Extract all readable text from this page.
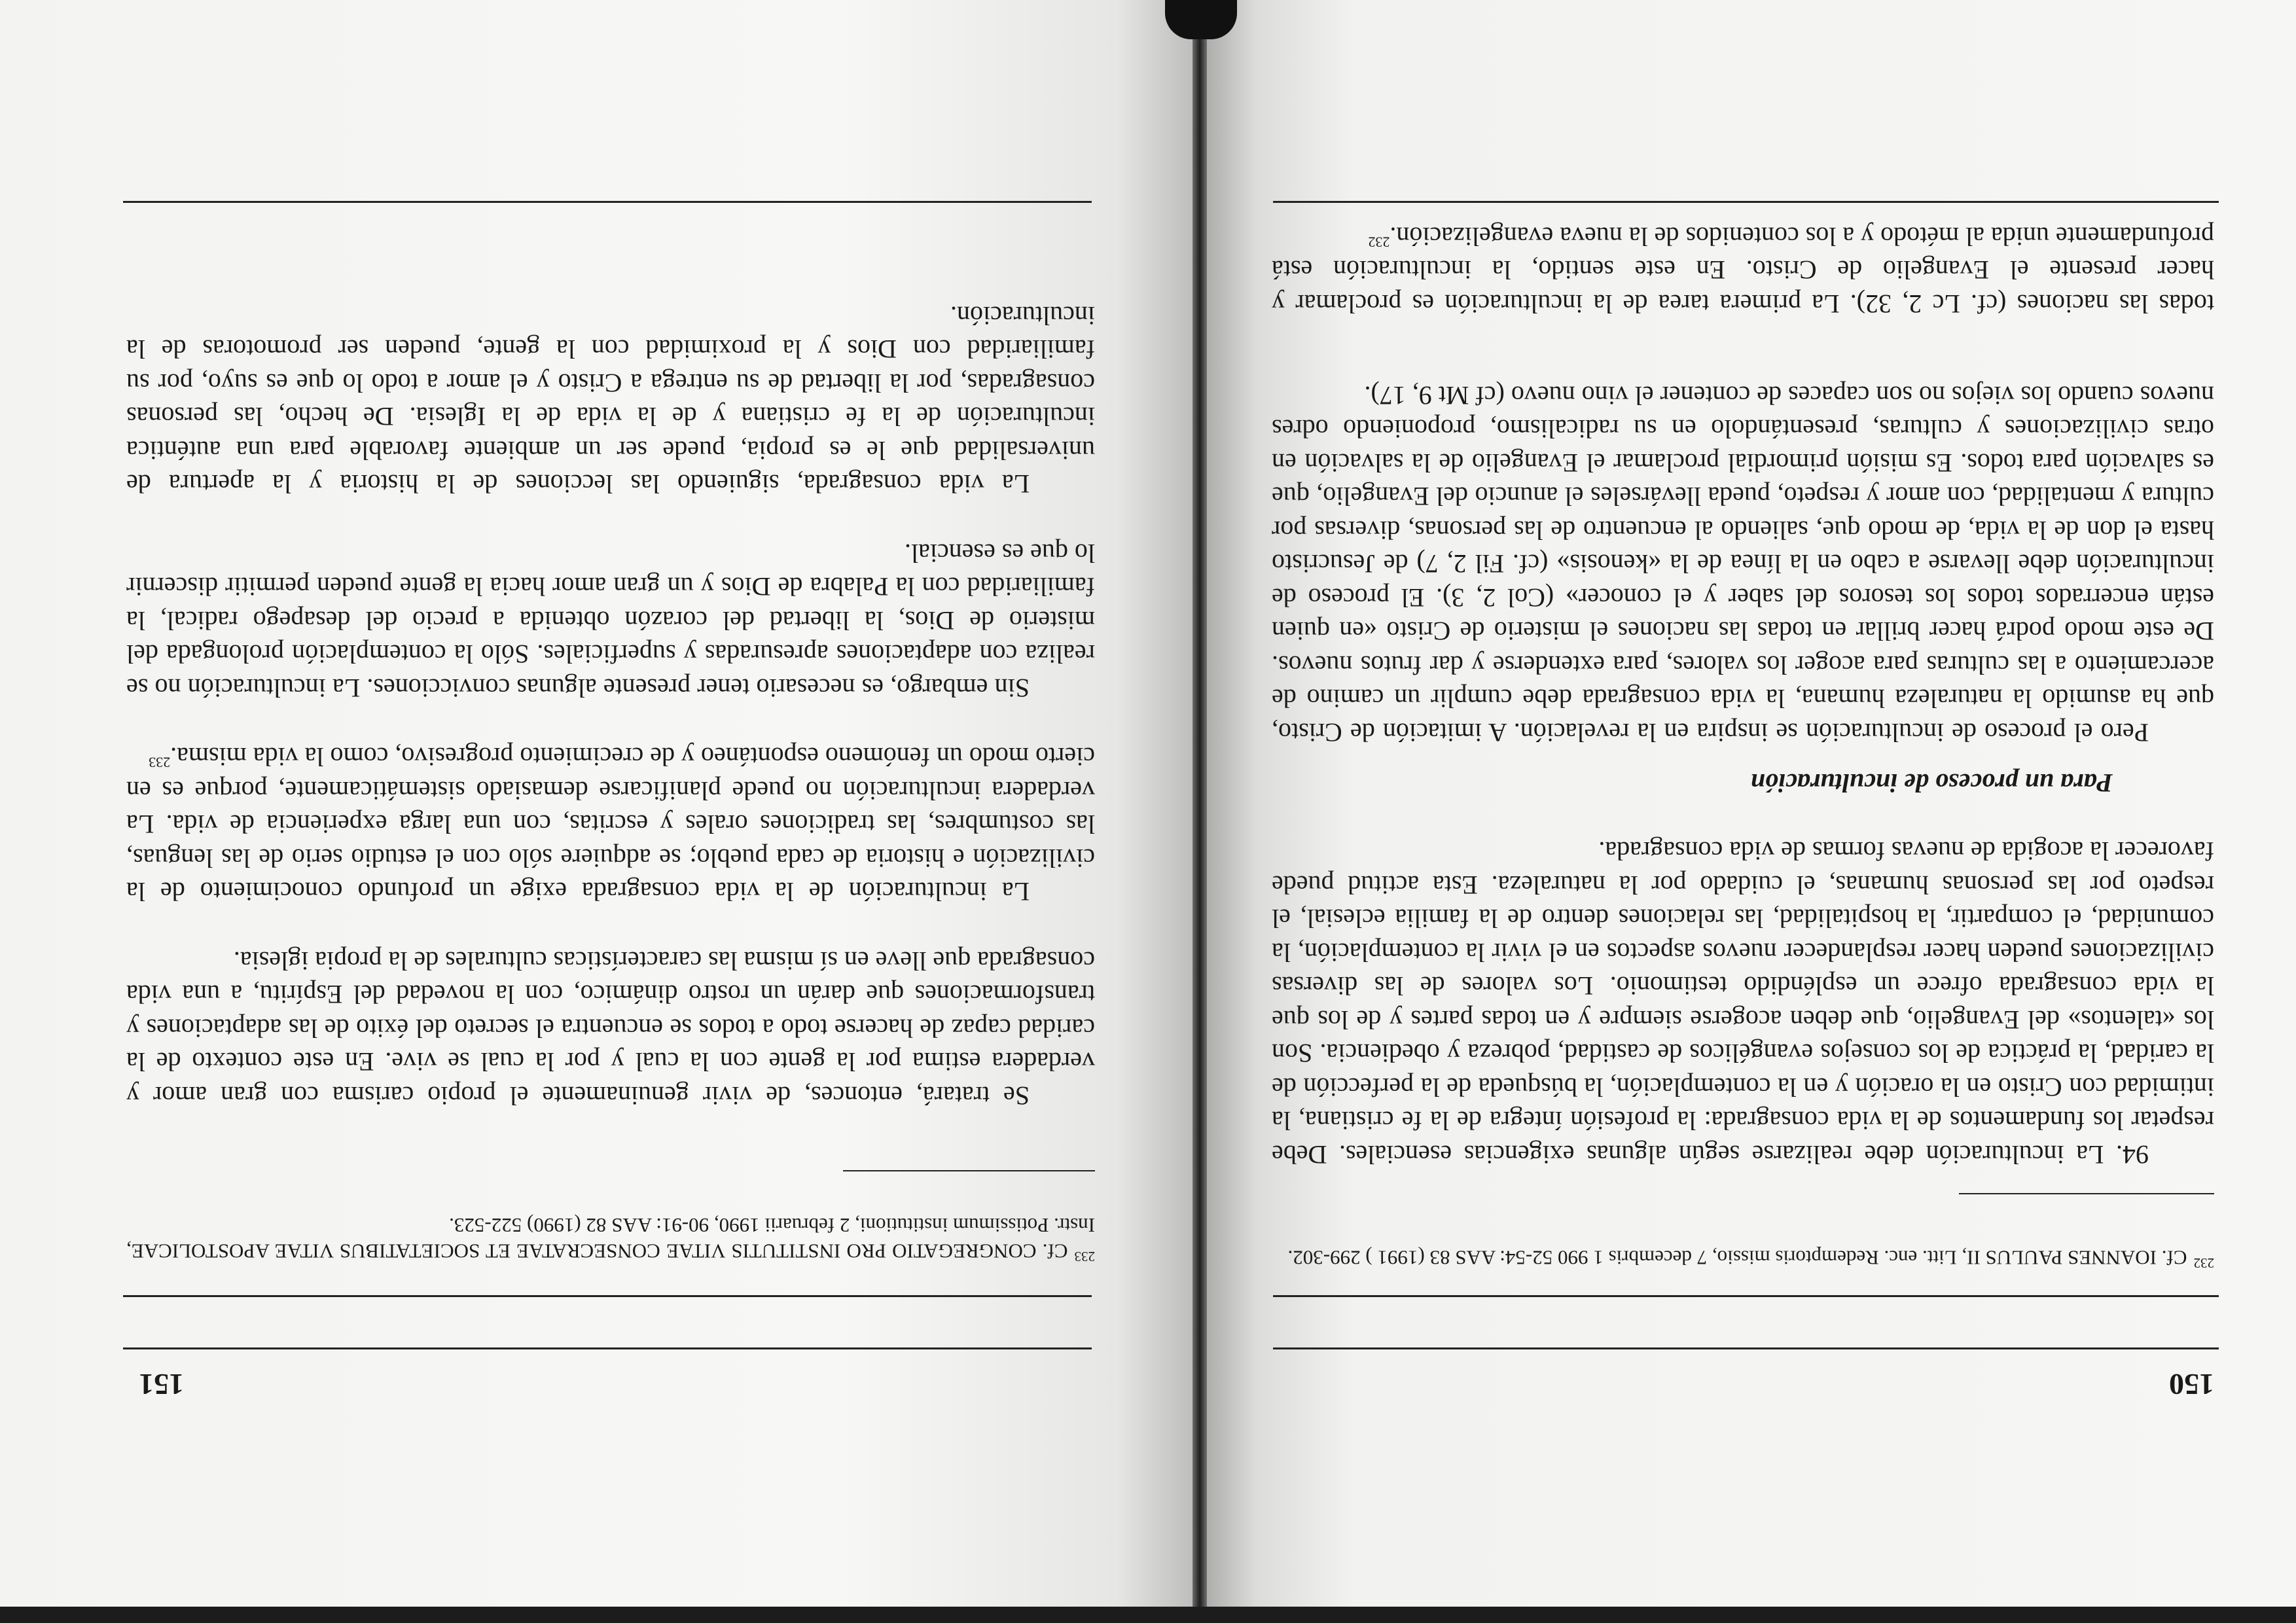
150
$^{232}$Cf. IOANNES PAULUS II, Litt. enc. Redemptoris missio, 7 decembris 1 990 52-54: AAS 83 (1991 ) 299-302.

94. La inculturación debe realizarse según algunas exigencias esenciales. Debe respetar los fundamentos de la vida consagrada: la profesión íntegra de la fe cristiana, la intimidad con Cristo en la oración y en la contemplación, la búsqueda de la perfección de la caridad, la práctica de los consejos evangélicos de castidad, pobreza y obediencia. Son los «talentos» del Evangelio, que deben acogerse siempre y en todas partes y de los que la vida consagrada ofrece un espléndido testimonio. Los valores de las diversas civilizaciones pueden hacer resplandecer nuevos aspectos en el vivir la contemplación, la comunidad, el compartir, la hospitalidad, las relaciones dentro de la familia eclesial, el respeto por las personas humanas, el cuidado por la naturaleza. Esta actitud puede favorecer la acogida de nuevas formas de vida consagrada.

Para un proceso de inculturación

Pero el proceso de inculturación se inspira en la revelación. A imitación de Cristo, que ha asumido la naturaleza humana, la vida consagrada debe cumplir un camino de acercamiento a las culturas para acoger los valores, para extenderse y dar frutos nuevos. De este modo podrá hacer brillar en todas las naciones el misterio de Cristo «en quien están encerrados todos los tesoros del saber y el conocer» (Col 2, 3). El proceso de inculturación debe llevarse a cabo en la línea de la «kenosis» (cf. Fil 2, 7) de Jesucristo hasta el don de la vida, de modo que, saliendo al encuentro de las personas, diversas por cultura y mentalidad, con amor y respeto, pueda llevárseles el anuncio del Evangelio, que es salvación para todos. Es misión primordial proclamar el Evangelio de la salvación en otras civilizaciones y culturas, presentándolo en su radicalismo, proponiendo odres nuevos cuando los viejos no son capaces de contener el vino nuevo (cf Mt 9, 17).

todas las naciones (cf. Lc 2, 32). La primera tarea de la inculturación es proclamar y hacer presente el Evangelio de Cristo. En este sentido, la inculturación está profundamente unida al método y a los contenidos de la nueva evangelización.$^{232}$

151
$^{233}$Cf. CONGREGATIO PRO INSTITUTIS VITAE CONSECRATAE ET SOCIETATIBUS VITAE APOSTOLICAE, Instr. Potissimum institutioni, 2 februarii 1990, 90-91: AAS 82 (1990) 522-523.

Se tratará, entonces, de vivir genuinamente el propio carisma con gran amor y verdadera estima por la gente con la cual y por la cual se vive. En este contexto de la caridad capaz de hacerse todo a todos se encuentra el secreto del éxito de las adaptaciones y transformaciones que darán un rostro dinámico, con la novedad del Espíritu, a una vida consagrada que lleve en sí misma las características culturales de la propia iglesia.

La inculturación de la vida consagrada exige un profundo conocimiento de la civilización e historia de cada pueblo; se adquiere sólo con el estudio serio de las lenguas, las costumbres, las tradiciones orales y escritas, con una larga experiencia de vida. La verdadera inculturación no puede planificarse demasiado sistemáticamente, porque es en cierto modo un fenómeno espontáneo y de crecimiento progresivo, como la vida misma.$^{233}$

Sin embargo, es necesario tener presente algunas convicciones. La inculturación no se realiza con adaptaciones apresuradas y superficiales. Sólo la contemplación prolongada del misterio de Dios, la libertad del corazón obtenida a precio del desapego radical, la familiaridad con la Palabra de Dios y un gran amor hacia la gente pueden permitir discernir lo que es esencial.

La vida consagrada, siguiendo las lecciones de la historia y la apertura de universalidad que le es propia, puede ser un ambiente favorable para una auténtica inculturación de la fe cristiana y de la vida de la Iglesia. De hecho, las personas consagradas, por la libertad de su entrega a Cristo y el amor a todo lo que es suyo, por su familiaridad con Dios y la proximidad con la gente, pueden ser promotoras de la inculturación.
